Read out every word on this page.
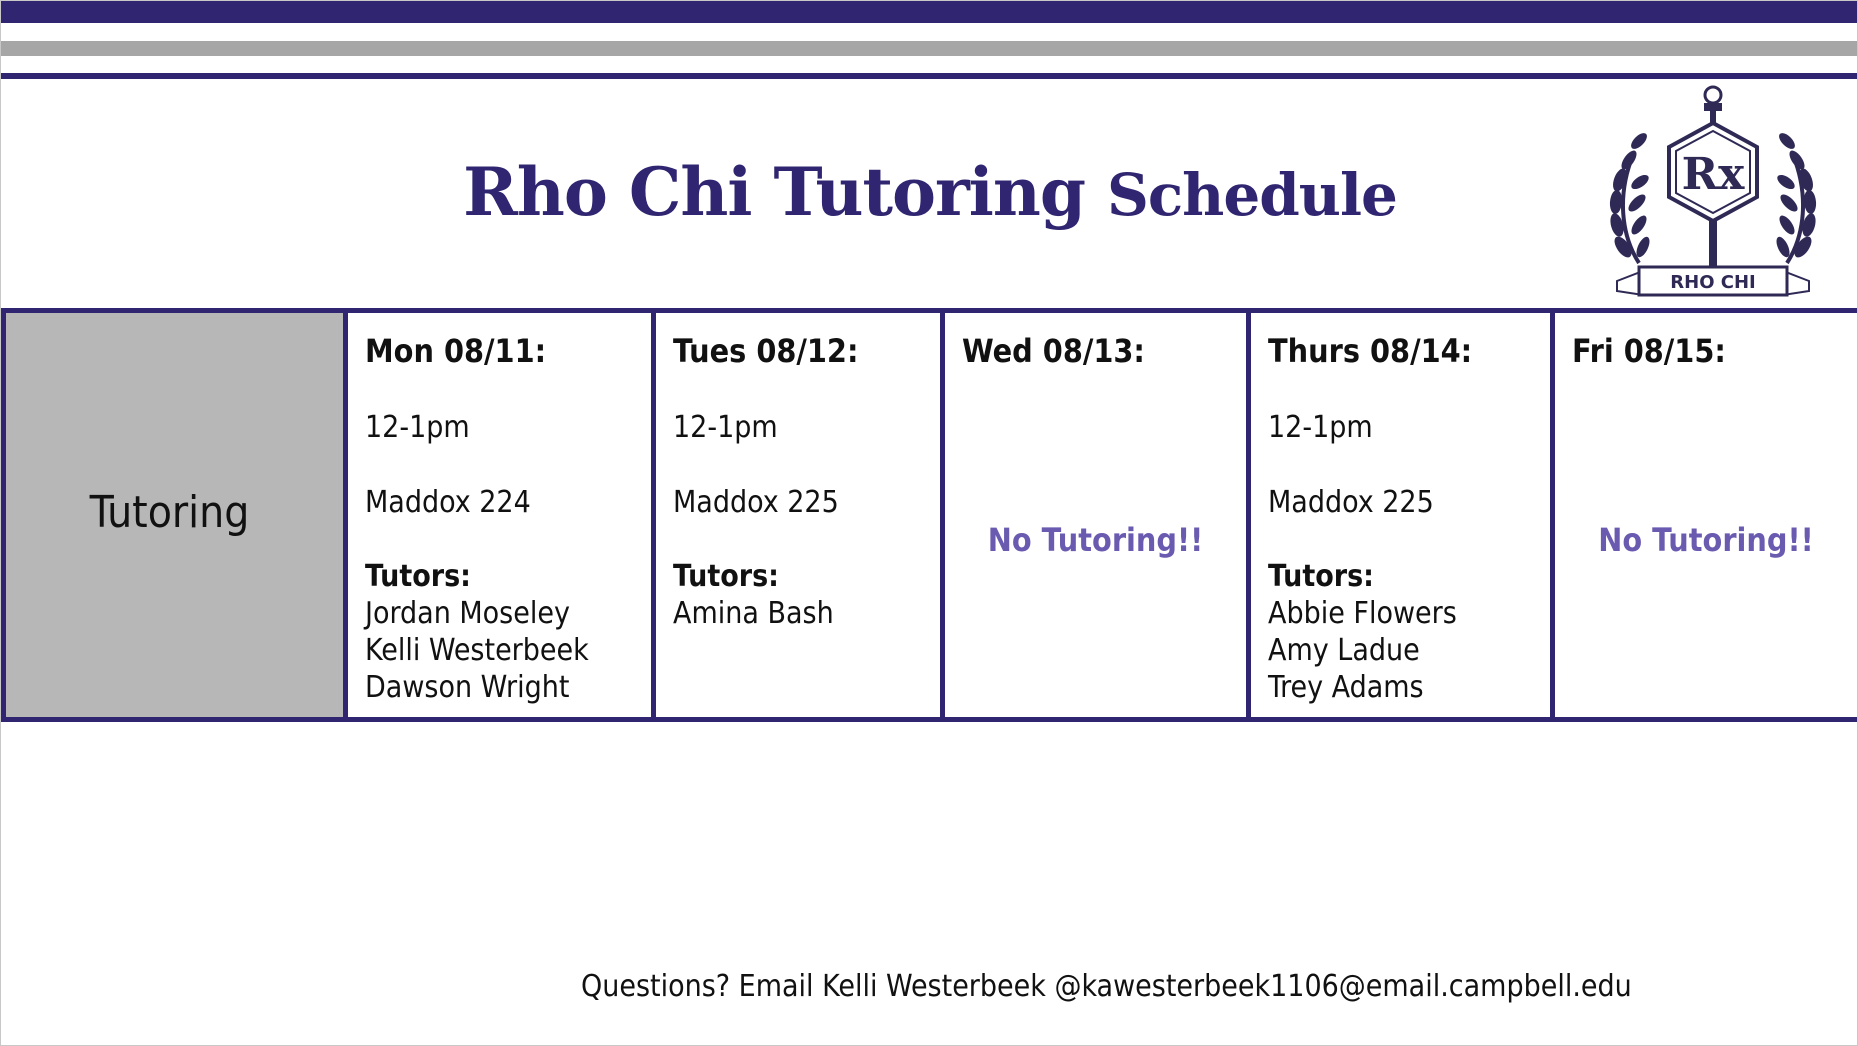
Rho Chi Tutoring Schedule	Rx
RHO CHI
Tutoring	
Mon 08/11:
12-1pm
Maddox 224
Tutors:
Jordan Moseley
Kelli Westerbeek
Dawson Wright

Tues 08/12:
12-1pm
Maddox 225
Tutors:
Amina Bash

Wed 08/13:
No Tutoring!!

Thurs 08/14:
12-1pm
Maddox 225
Tutors:
Abbie Flowers
Amy Ladue
Trey Adams

Fri 08/15:
No Tutoring!!
Questions? Email Kelli Westerbeek @kawesterbeek1106@email.campbell.edu
